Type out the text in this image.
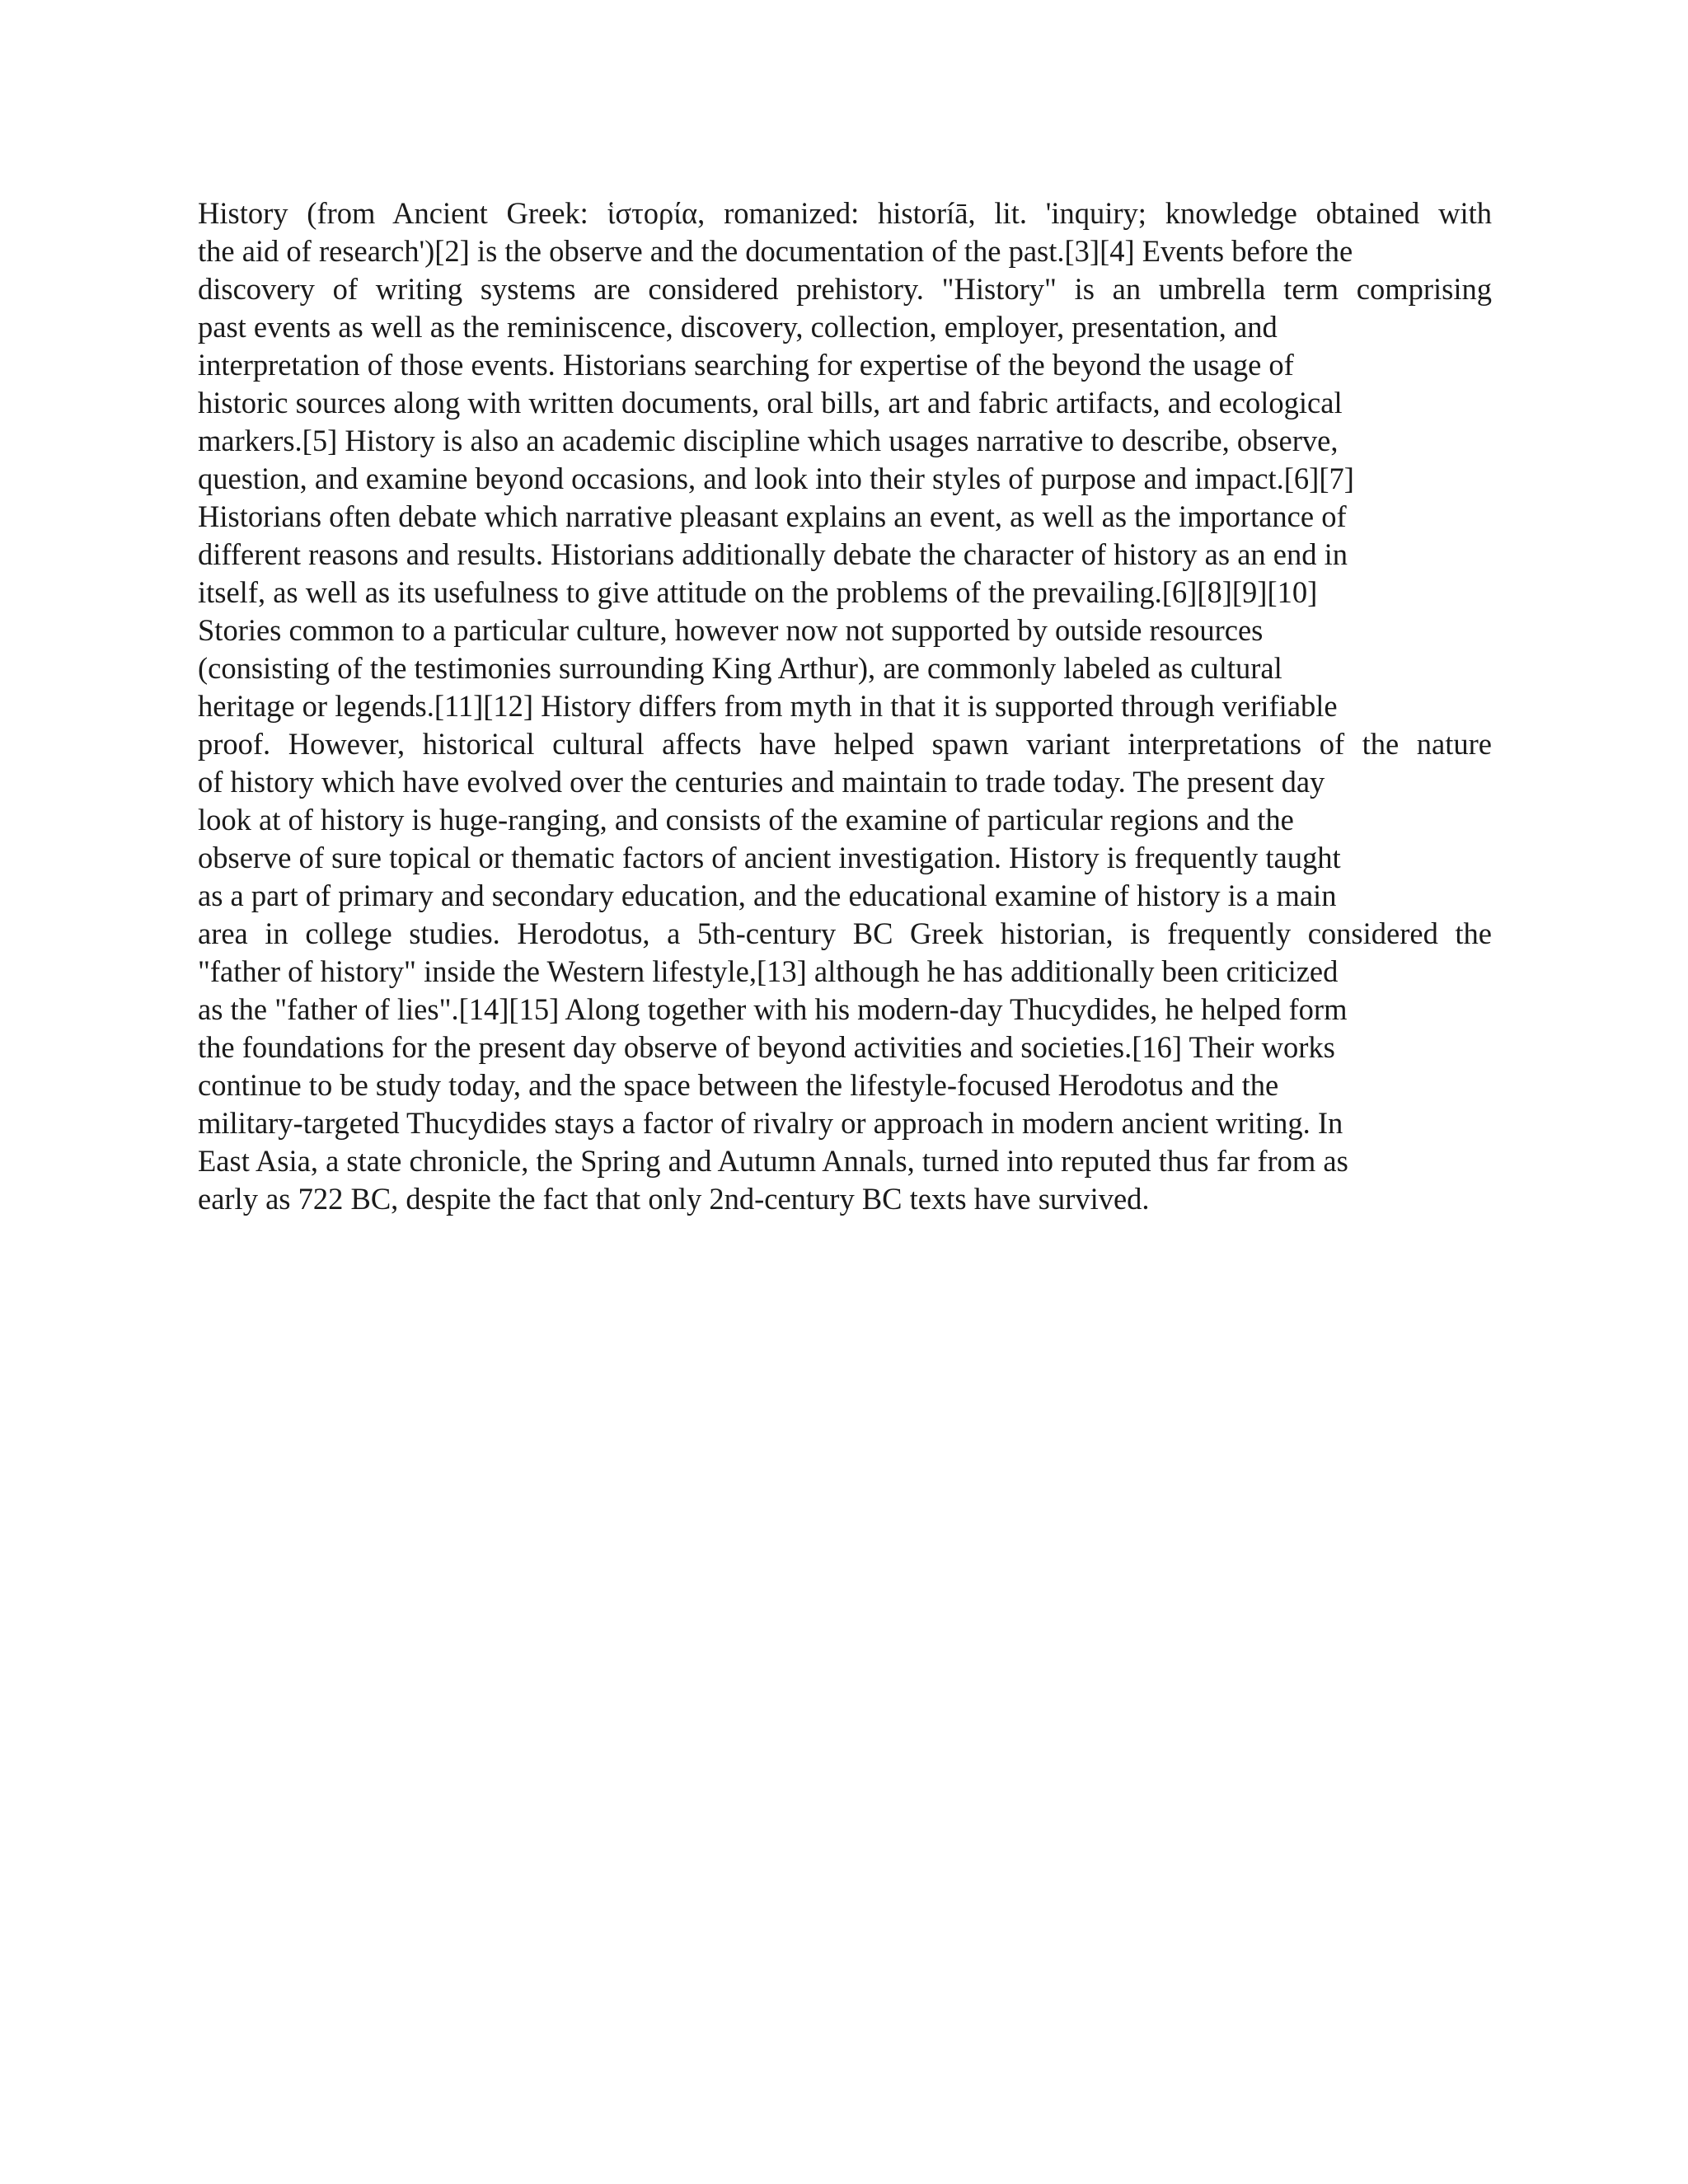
History (from Ancient Greek: ἱστορία, romanized: historíā, lit. 'inquiry; knowledge obtained with
the aid of research')[2] is the observe and the documentation of the past.[3][4] Events before the
discovery of writing systems are considered prehistory. "History" is an umbrella term comprising
past events as well as the reminiscence, discovery, collection, employer, presentation, and
interpretation of those events. Historians searching for expertise of the beyond the usage of
historic sources along with written documents, oral bills, art and fabric artifacts, and ecological
markers.[5] History is also an academic discipline which usages narrative to describe, observe,
question, and examine beyond occasions, and look into their styles of purpose and impact.[6][7]
Historians often debate which narrative pleasant explains an event, as well as the importance of
different reasons and results. Historians additionally debate the character of history as an end in
itself, as well as its usefulness to give attitude on the problems of the prevailing.[6][8][9][10]
Stories common to a particular culture, however now not supported by outside resources
(consisting of the testimonies surrounding King Arthur), are commonly labeled as cultural
heritage or legends.[11][12] History differs from myth in that it is supported through verifiable
proof. However, historical cultural affects have helped spawn variant interpretations of the nature
of history which have evolved over the centuries and maintain to trade today. The present day
look at of history is huge-ranging, and consists of the examine of particular regions and the
observe of sure topical or thematic factors of ancient investigation. History is frequently taught
as a part of primary and secondary education, and the educational examine of history is a main
area in college studies. Herodotus, a 5th-century BC Greek historian, is frequently considered the
"father of history" inside the Western lifestyle,[13] although he has additionally been criticized
as the "father of lies".[14][15] Along together with his modern-day Thucydides, he helped form
the foundations for the present day observe of beyond activities and societies.[16] Their works
continue to be study today, and the space between the lifestyle-focused Herodotus and the
military-targeted Thucydides stays a factor of rivalry or approach in modern ancient writing. In
East Asia, a state chronicle, the Spring and Autumn Annals, turned into reputed thus far from as
early as 722 BC, despite the fact that only 2nd-century BC texts have survived.
